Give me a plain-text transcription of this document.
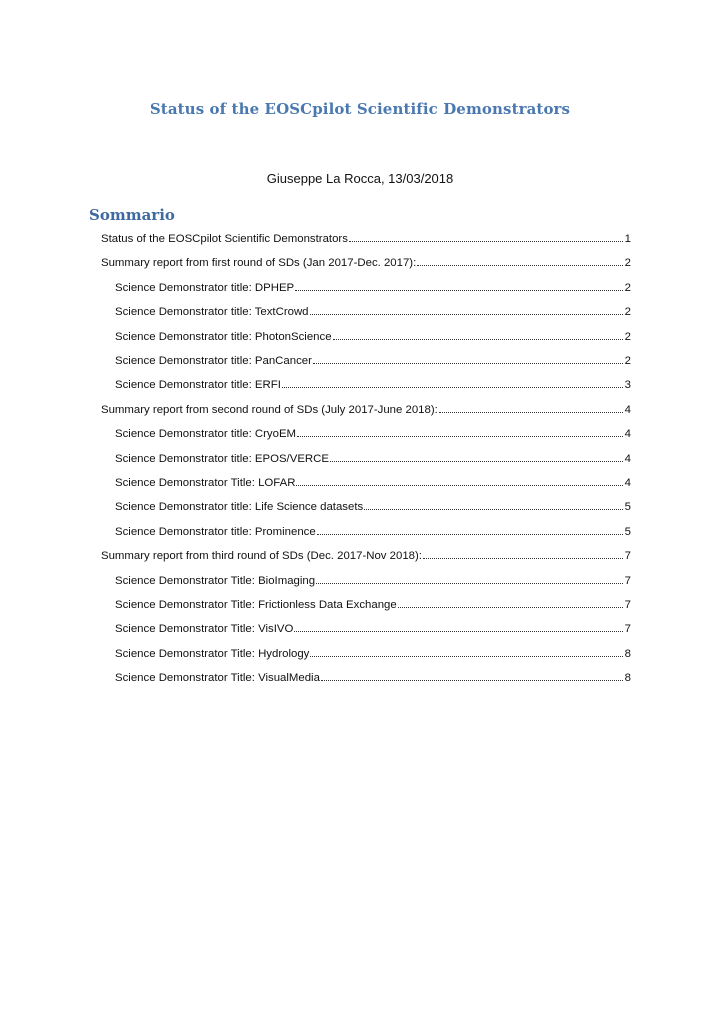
Status of the EOSCpilot Scientific Demonstrators
Giuseppe La Rocca, 13/03/2018
Sommario
Status of the EOSCpilot Scientific Demonstrators	1
Summary report from first round of SDs (Jan 2017-Dec. 2017):	2
Science Demonstrator title: DPHEP	2
Science Demonstrator title: TextCrowd	2
Science Demonstrator title: PhotonScience	2
Science Demonstrator title: PanCancer	2
Science Demonstrator title: ERFI	3
Summary report from second round of SDs (July 2017-June 2018):	4
Science Demonstrator title: CryoEM	4
Science Demonstrator title: EPOS/VERCE	4
Science Demonstrator Title: LOFAR	4
Science Demonstrator title: Life Science datasets	5
Science Demonstrator title: Prominence	5
Summary report from third round of SDs (Dec. 2017-Nov 2018):	7
Science Demonstrator Title: BioImaging	7
Science Demonstrator Title: Frictionless Data Exchange	7
Science Demonstrator Title: VisIVO	7
Science Demonstrator Title: Hydrology	8
Science Demonstrator Title: VisualMedia	8
